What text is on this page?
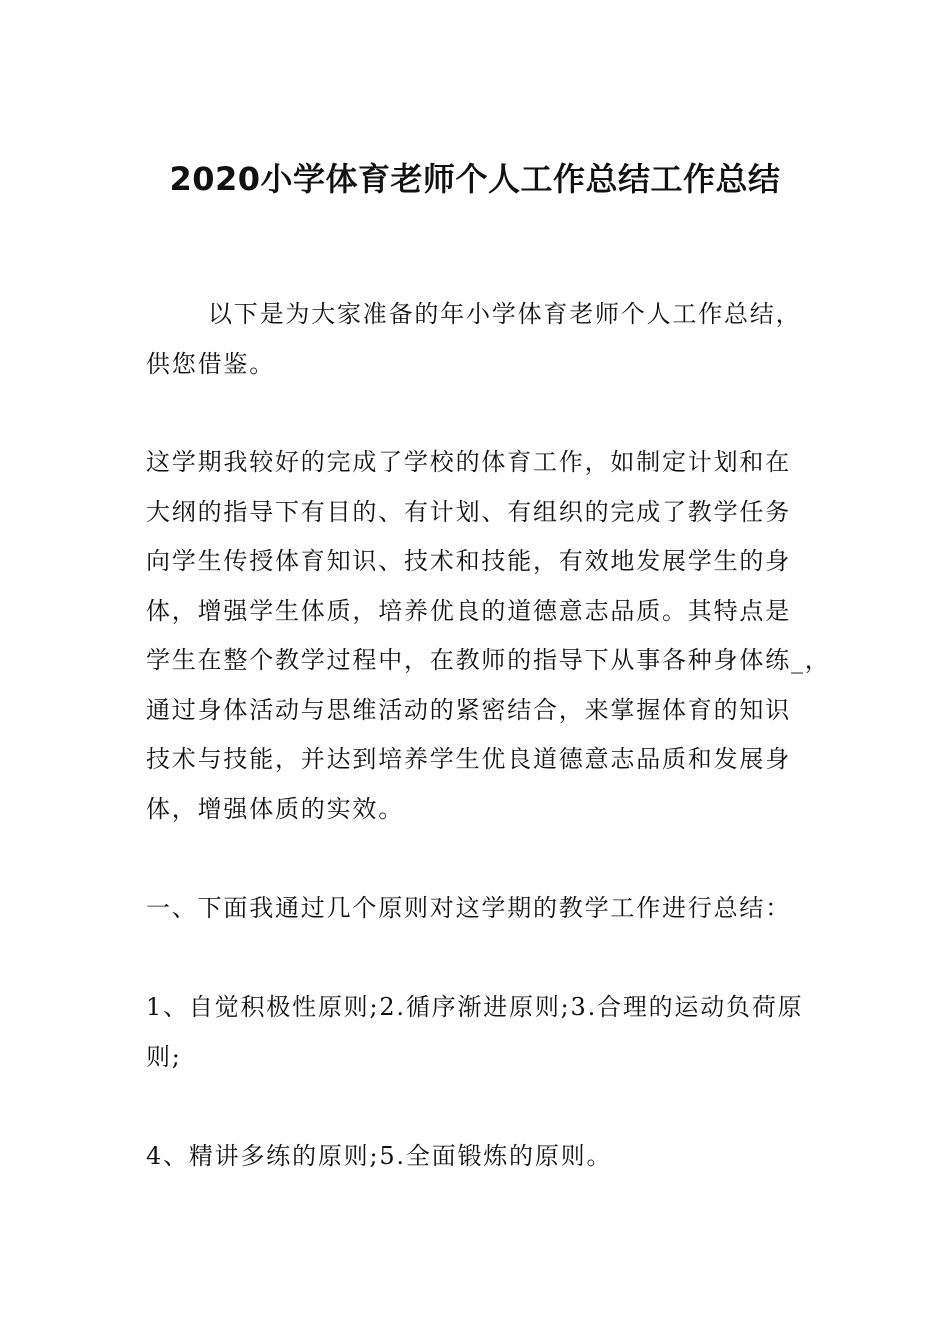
2020小学体育老师个人工作总结工作总结
以下是为大家准备的年小学体育老师个人工作总结，
供您借鉴。
这学期我较好的完成了学校的体育工作，如制定计划和在
大纲的指导下有目的、有计划、有组织的完成了教学任务
向学生传授体育知识、技术和技能，有效地发展学生的身
体，增强学生体质，培养优良的道德意志品质。其特点是
学生在整个教学过程中，在教师的指导下从事各种身体练_，
通过身体活动与思维活动的紧密结合，来掌握体育的知识
技术与技能，并达到培养学生优良道德意志品质和发展身
体，增强体质的实效。
一、下面我通过几个原则对这学期的教学工作进行总结：
1、自觉积极性原则;2.循序渐进原则;3.合理的运动负荷原
则;
4、精讲多练的原则;5.全面锻炼的原则。
